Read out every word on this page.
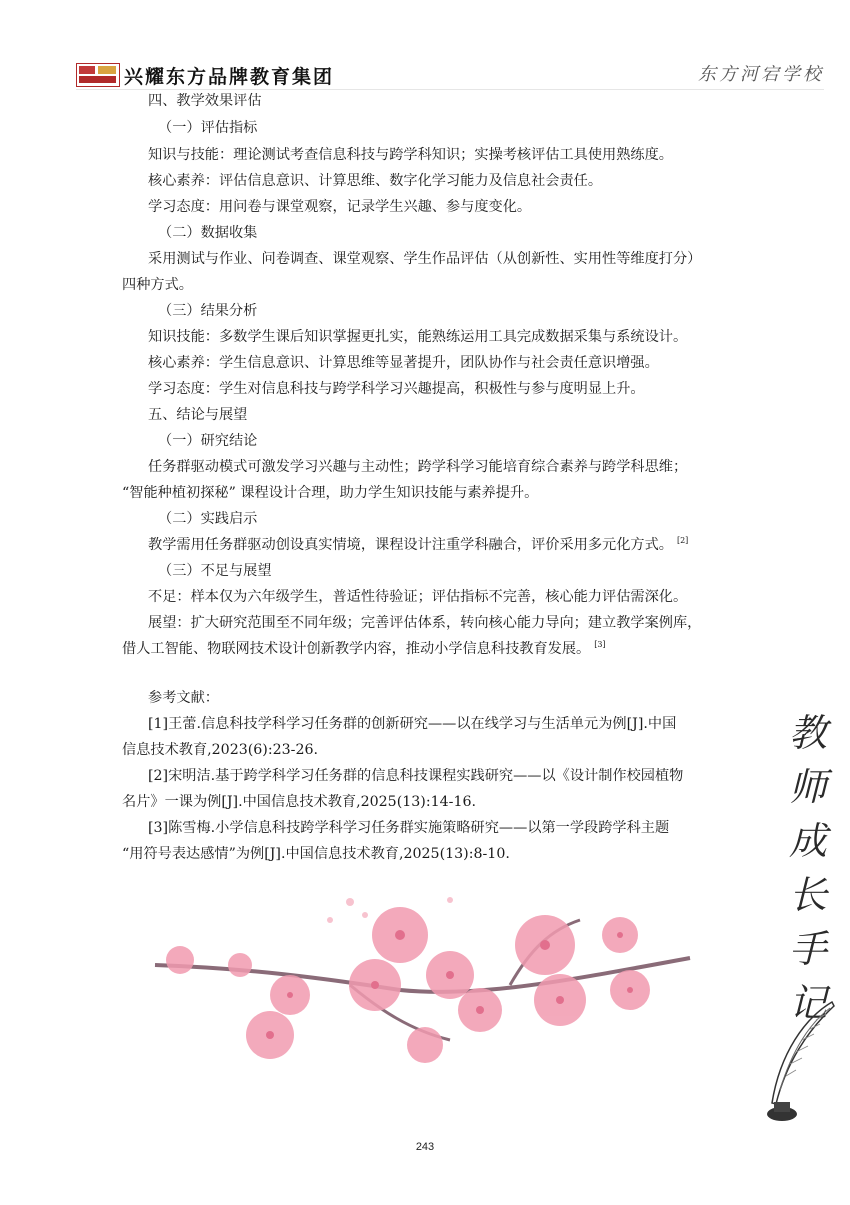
兴耀东方品牌教育集团	东方河宕学校
四、教学效果评估
（一）评估指标
知识与技能：理论测试考查信息科技与跨学科知识；实操考核评估工具使用熟练度。
核心素养：评估信息意识、计算思维、数字化学习能力及信息社会责任。
学习态度：用问卷与课堂观察，记录学生兴趣、参与度变化。
（二）数据收集
采用测试与作业、问卷调查、课堂观察、学生作品评估（从创新性、实用性等维度打分）
四种方式。
（三）结果分析
知识技能：多数学生课后知识掌握更扎实，能熟练运用工具完成数据采集与系统设计。
核心素养：学生信息意识、计算思维等显著提升，团队协作与社会责任意识增强。
学习态度：学生对信息科技与跨学科学习兴趣提高，积极性与参与度明显上升。
五、结论与展望
（一）研究结论
任务群驱动模式可激发学习兴趣与主动性；跨学科学习能培育综合素养与跨学科思维；
“智能种植初探秘” 课程设计合理，助力学生知识技能与素养提升。
（二）实践启示
教学需用任务群驱动创设真实情境，课程设计注重学科融合，评价采用多元化方式。 [2]
（三）不足与展望
不足：样本仅为六年级学生，普适性待验证；评估指标不完善，核心能力评估需深化。
展望：扩大研究范围至不同年级；完善评估体系，转向核心能力导向；建立教学案例库，
借人工智能、物联网技术设计创新教学内容，推动小学信息科技教育发展。 [3]
参考文献：
[1]王蕾.信息科技学科学习任务群的创新研究——以在线学习与生活单元为例[J].中国
信息技术教育,2023(6):23-26.
[2]宋明洁.基于跨学科学习任务群的信息科技课程实践研究——以《设计制作校园植物
名片》一课为例[J].中国信息技术教育,2025(13):14-16.
[3]陈雪梅.小学信息科技跨学科学习任务群实施策略研究——以第一学段跨学科主题
“用符号表达感情”为例[J].中国信息技术教育,2025(13):8-10.
教
师
成
长
手
记
243
